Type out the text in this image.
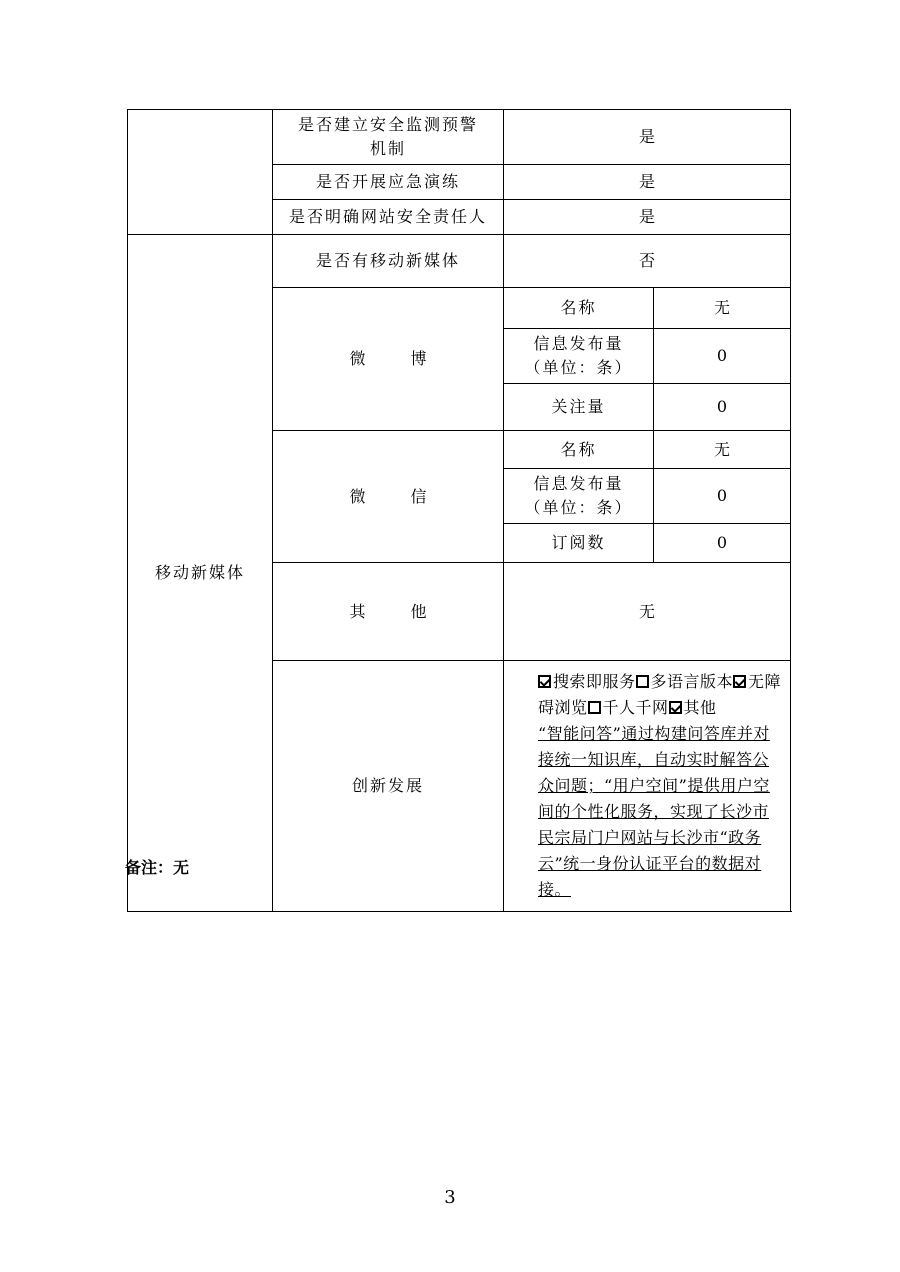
	是否建立安全监测预警
机制	是	
	是否开展应急演练	是	
	是否明确网站安全责任人	是	
移动新媒体	是否有移动新媒体	否	
	微 博	名称	无
		信息发布量
（单位：条）	0
		关注量	0
	微 信	名称	无
		信息发布量
（单位：条）	0
		订阅数	0
	其 他	无	
	创新发展	搜索即服务 多语言版本 无障碍浏览 千人千网 其他
“智能问答”通过构建问答库并对接统一知识库，自动实时解答公众问题；“用户空间”提供用户空间的个性化服务，实现了长沙市民宗局门户网站与长沙市“政务云”统一身份认证平台的数据对接。	
备注：无
3
